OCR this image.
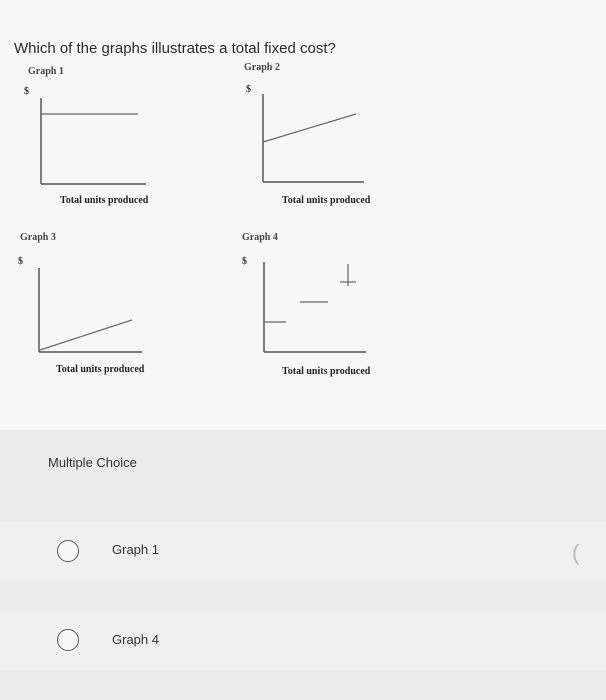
Which of the graphs illustrates a total fixed cost?
Graph 1
$
Total units produced
Graph 2
$
Total units produced
Graph 3
$
Total units produced
Graph 4
$
Total units produced
Multiple Choice
Graph 1
Graph 4
(
